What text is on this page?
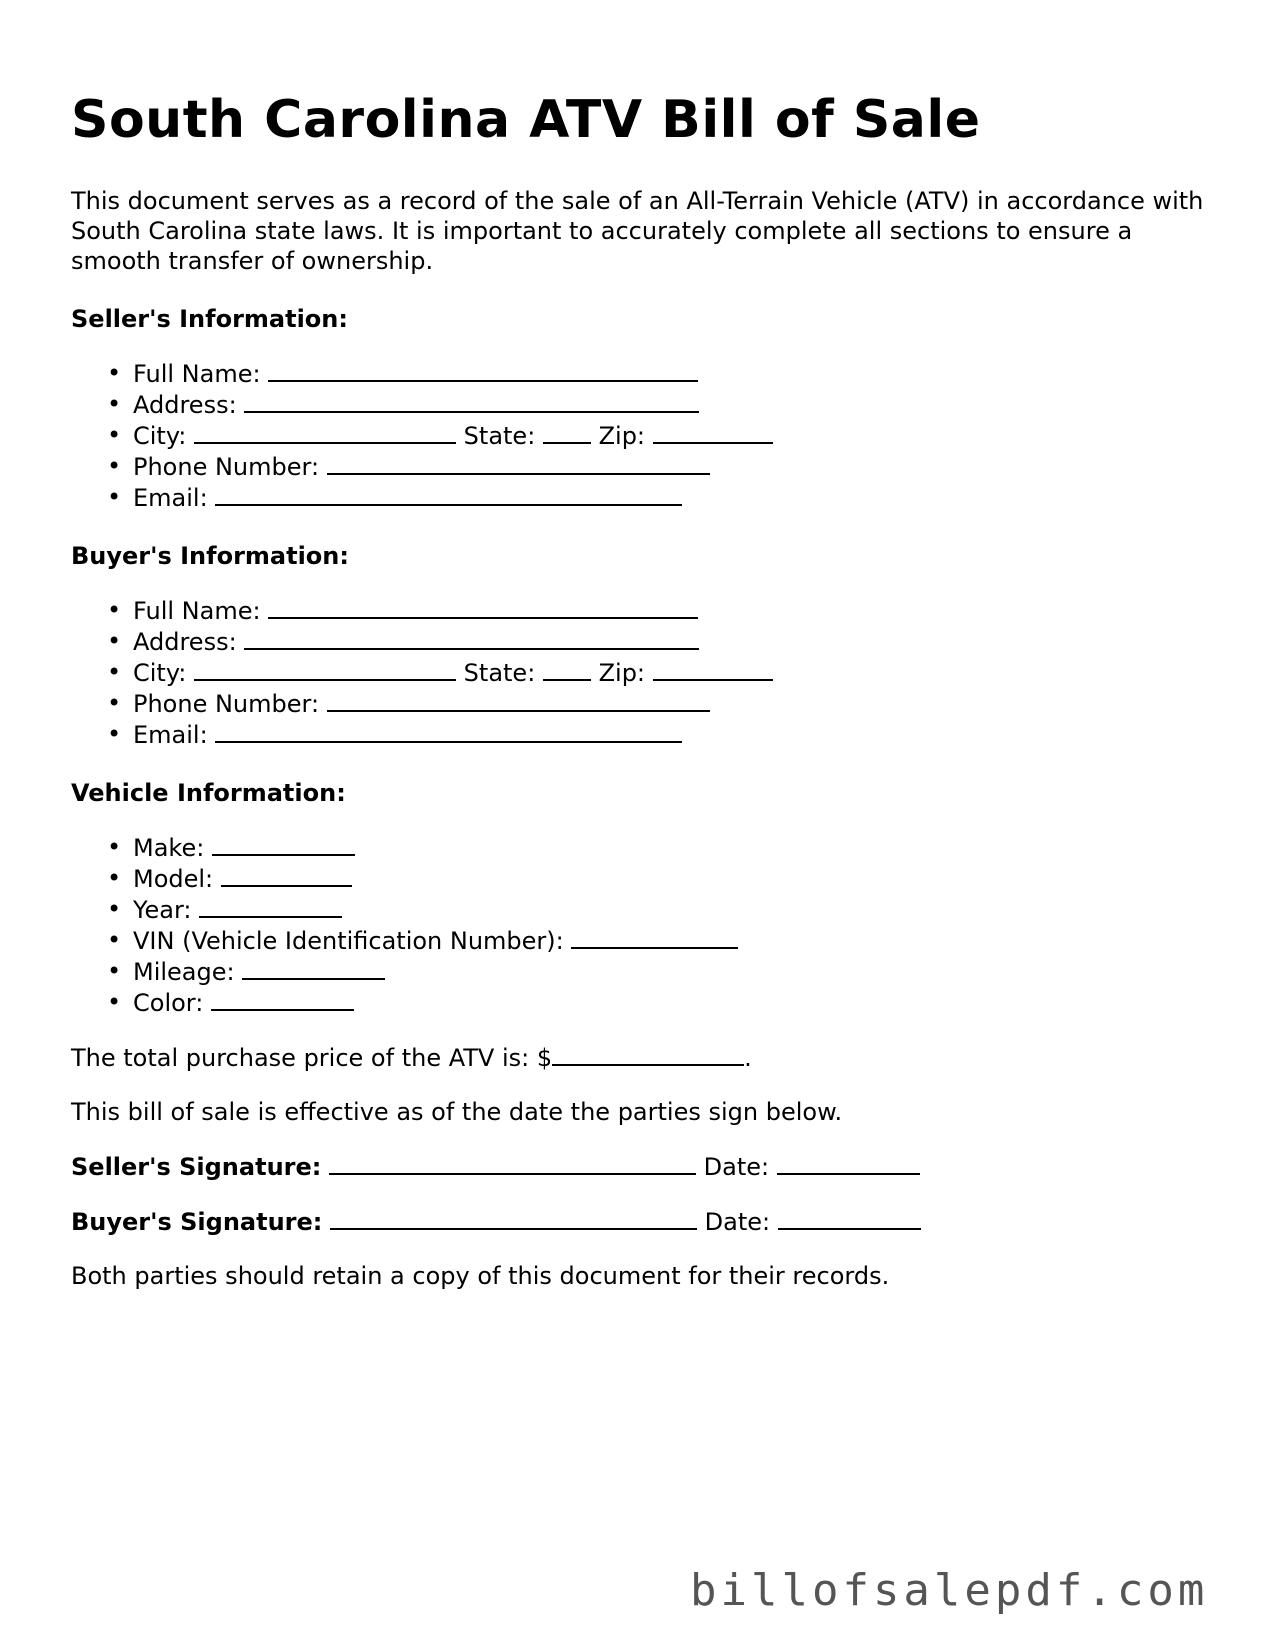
South Carolina ATV Bill of Sale

This document serves as a record of the sale of an All-Terrain Vehicle (ATV) in accordance with South Carolina state laws. It is important to accurately complete all sections to ensure a smooth transfer of ownership.

Seller's Information:

• Full Name:
• Address:
• City:	State:	Zip:
• Phone Number:
• Email:

Buyer's Information:

• Full Name:
• Address:
• City:	State:	Zip:
• Phone Number:
• Email:

Vehicle Information:

• Make:
• Model:
• Year:
• VIN (Vehicle Identification Number):
• Mileage:
• Color:

The total purchase price of the ATV is: $	.

This bill of sale is effective as of the date the parties sign below.

Seller's Signature:	Date:

Buyer's Signature:	Date:

Both parties should retain a copy of this document for their records.

billofsalepdf.com
